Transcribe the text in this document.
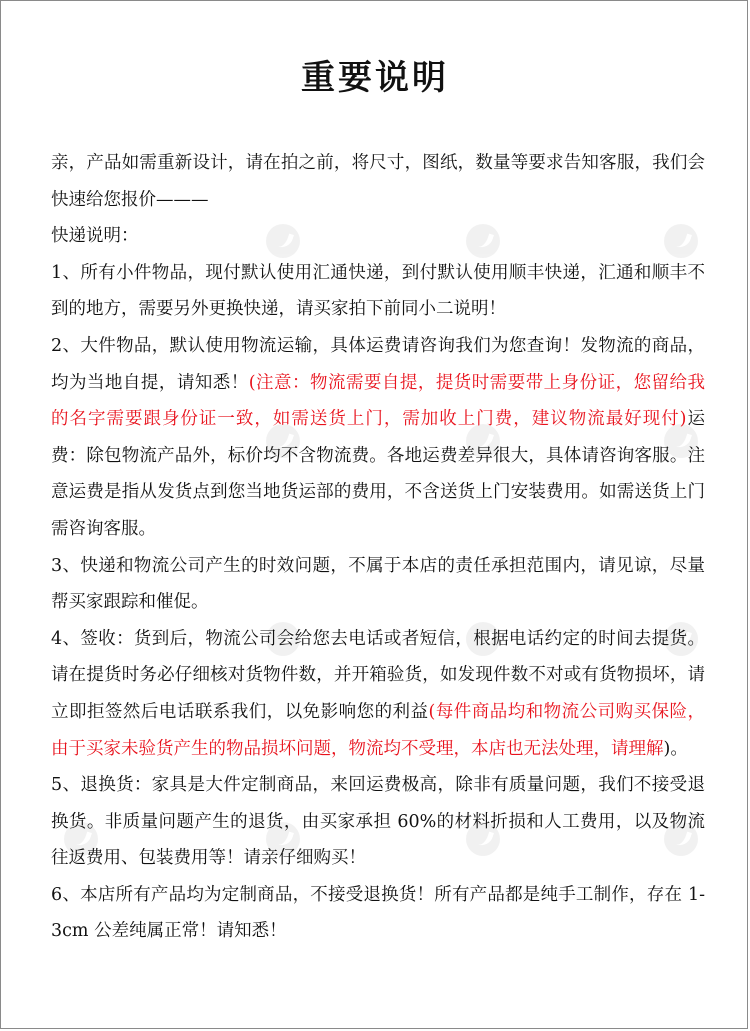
重要说明

亲，产品如需重新设计，请在拍之前，将尺寸，图纸，数量等要求告知客服，我们会快速给您报价———

快递说明：

1、所有小件物品，现付默认使用汇通快递，到付默认使用顺丰快递，汇通和顺丰不到的地方，需要另外更换快递，请买家拍下前同小二说明！

2、大件物品，默认使用物流运输，具体运费请咨询我们为您查询！发物流的商品，均为当地自提，请知悉！(注意：物流需要自提，提货时需要带上身份证，您留给我的名字需要跟身份证一致，如需送货上门，需加收上门费，建议物流最好现付)运费：除包物流产品外，标价均不含物流费。各地运费差异很大，具体请咨询客服。注意运费是指从发货点到您当地货运部的费用，不含送货上门安装费用。如需送货上门需咨询客服。

3、快递和物流公司产生的时效问题，不属于本店的责任承担范围内，请见谅，尽量帮买家跟踪和催促。

4、签收：货到后，物流公司会给您去电话或者短信，根据电话约定的时间去提货。请在提货时务必仔细核对货物件数，并开箱验货，如发现件数不对或有货物损坏，请立即拒签然后电话联系我们，以免影响您的利益(每件商品均和物流公司购买保险，由于买家未验货产生的物品损坏问题，物流均不受理，本店也无法处理，请理解)。

5、退换货：家具是大件定制商品，来回运费极高，除非有质量问题，我们不接受退换货。非质量问题产生的退货，由买家承担 60%的材料折损和人工费用，以及物流往返费用、包装费用等！请亲仔细购买！

6、本店所有产品均为定制商品，不接受退换货！所有产品都是纯手工制作，存在 1-3cm 公差纯属正常！请知悉！
